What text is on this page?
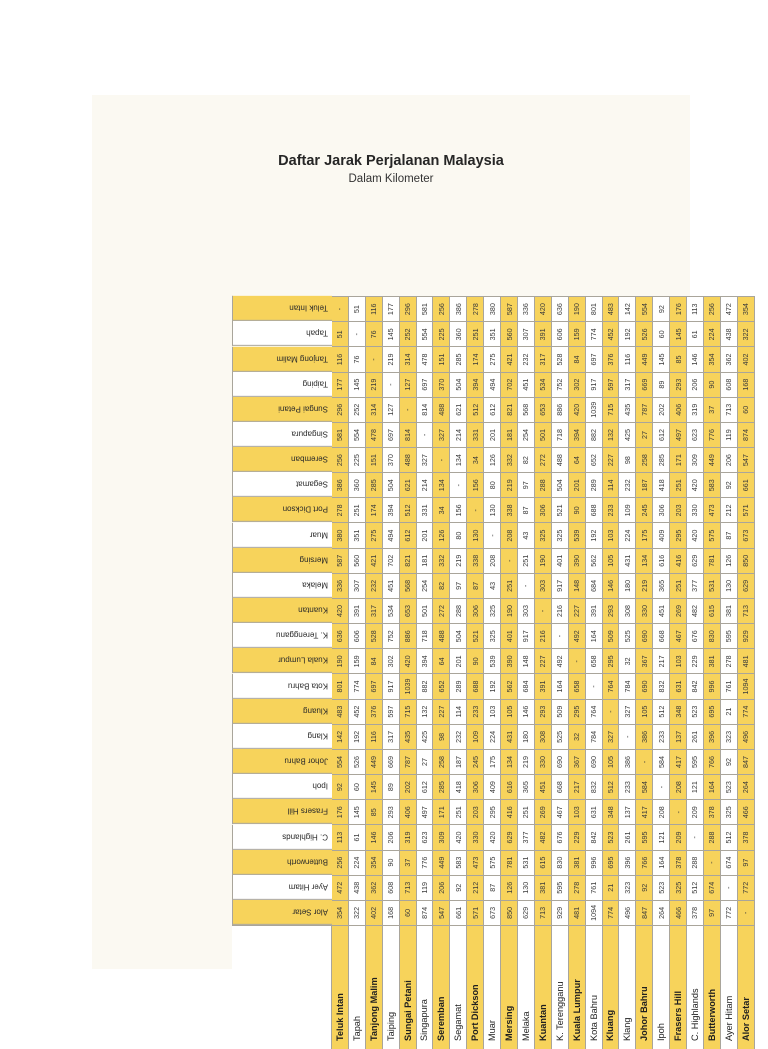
Daftar Jarak Perjalanan Malaysia
Dalam Kilometer
Alor Setar
Ayer Hitam
Butterworth
C. Highlands
Frasers Hill
Ipoh
Johor Bahru
Klang
Kluang
Kota Bahru
Kuala Lumpur
K. Terengganu
Kuantan
Melaka
Mersing
Muar
Port Dickson
Segamat
Seremban
Singapura
Sungai Petani
Taiping
Tanjong Malim
Tapah
Teluk Intan
Teluk Intan
354
472
256
113
176
92
554
142
483
801
190
636
420
336
587
380
278
386
256
581
296
177
116
51
-
Tapah
322
438
224
61
145
60
526
192
452
774
159
606
391
307
560
351
251
360
225
554
252
145
76
-
51
Tanjong Malim
402
362
354
146
85
145
449
116
376
697
84
528
317
232
421
275
174
285
151
478
314
219
-
76
116
Taiping
168
608
90
206
293
89
669
317
597
917
302
752
534
451
702
494
394
504
370
697
127
-
219
145
177
Sungai Petani
60
713
37
319
406
202
787
435
715
1039
420
886
653
568
821
612
512
621
488
814
-
127
314
252
296
Singapura
874
119
776
623
497
612
27
425
132
882
394
718
501
254
181
201
331
214
327
-
814
697
478
554
581
Seremban
547
206
449
309
171
285
258
98
227
652
64
488
272
82
332
126
34
134
-
327
488
370
151
225
256
Segamat
661
92
583
420
251
418
187
232
114
289
201
504
288
97
219
80
156
-
134
214
621
504
285
360
386
Port Dickson
571
212
473
330
203
306
245
109
233
688
90
521
306
87
338
130
-
156
34
331
512
394
174
251
278
Muar
673
87
575
420
295
409
175
224
103
192
539
325
325
43
208
-
130
80
126
201
612
494
275
351
380
Mersing
850
126
781
629
416
616
134
431
105
562
390
401
190
251
-
208
338
219
332
181
821
702
421
560
587
Melaka
629
130
531
377
251
365
219
180
146
684
148
917
303
-
251
43
87
97
82
254
568
451
232
307
336
Kuantan
713
381
615
482
269
451
330
308
293
391
227
216
-
303
190
325
306
288
272
501
653
534
317
391
420
K. Terengganu
929
595
830
676
467
668
690
525
509
164
492
-
216
917
401
325
521
504
488
718
886
752
528
606
636
Kuala Lumpur
481
278
381
229
103
217
367
32
295
658
-
492
227
148
390
539
90
201
64
394
420
302
84
159
190
Kota Bahru
1094
761
996
842
631
832
690
784
764
-
658
164
391
684
562
192
688
289
652
882
1039
917
697
774
801
Kluang
774
21
695
523
348
512
105
327
-
764
295
509
293
146
105
103
233
114
227
132
715
597
376
452
483
Klang
496
323
396
261
137
233
386
-
327
784
32
525
308
180
431
224
109
232
98
425
435
317
116
192
142
Johor Bahru
847
92
766
595
417
584
-
386
105
690
367
690
330
219
134
175
245
187
258
27
787
669
449
526
554
Ipoh
264
523
164
121
208
-
584
233
512
832
217
668
451
365
616
409
306
418
285
612
202
89
145
60
92
Frasers Hill
466
325
378
209
-
208
417
137
348
631
103
467
269
251
416
295
203
251
171
497
406
293
85
145
176
C. Highlands
378
512
288
-
209
121
595
261
523
842
229
676
482
377
629
420
330
420
309
623
319
206
146
61
113
Butterworth
97
674
-
288
378
164
766
396
695
996
381
830
615
531
781
575
473
583
449
776
37
90
354
224
256
Ayer Hitam
772
-
674
512
325
523
92
323
21
761
278
595
381
130
126
87
212
92
206
119
713
608
362
438
472
Alor Setar
-
772
97
378
466
264
847
496
774
1094
481
929
713
629
850
673
571
661
547
874
60
168
402
322
354
